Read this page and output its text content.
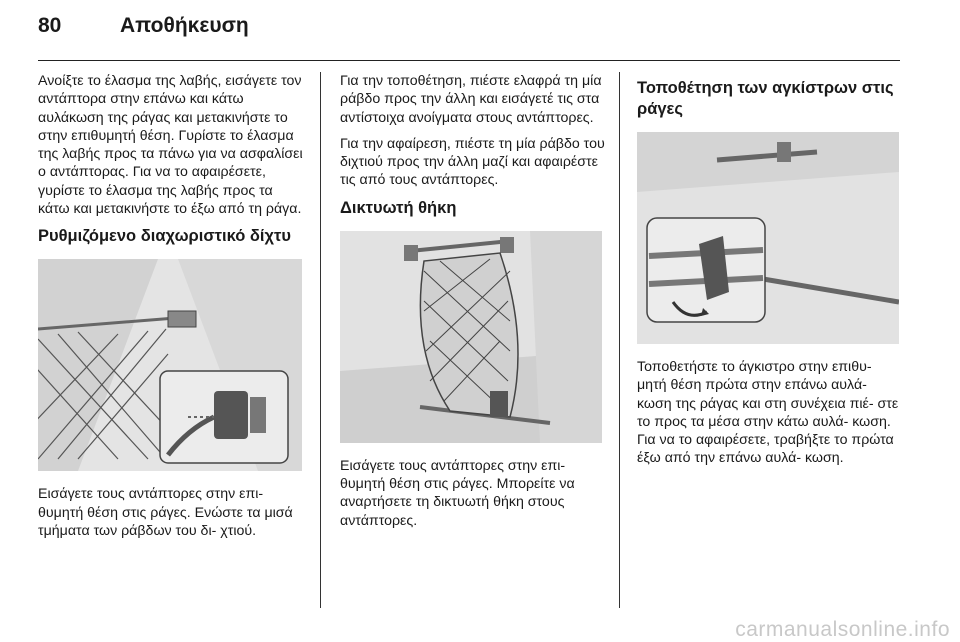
80	Αποθήκευση

Ανοίξτε το έλασμα της λαβής, εισάγετε τον αντάπτορα στην επάνω και κάτω αυλάκωση της ράγας και μετακινήστε το στην επιθυμητή θέση. Γυρίστε το έλασμα της λαβής προς τα πάνω για να ασφαλίσει ο αντάπτορας. Για να το αφαιρέσετε, γυρίστε το έλασμα της λαβής προς τα κάτω και μετακινήστε το έξω από τη ράγα.

Ρυθμιζόμενο διαχωριστικό δίχτυ

Εισάγετε τους αντάπτορες στην επι- θυμητή θέση στις ράγες. Ενώστε τα μισά τμήματα των ράβδων του δι- χτιού.

Για την τοποθέτηση, πιέστε ελαφρά τη μία ράβδο προς την άλλη και εισάγετέ τις στα αντίστοιχα ανοίγματα στους αντάπτορες.

Για την αφαίρεση, πιέστε τη μία ράβδο του διχτιού προς την άλλη μαζί και αφαιρέστε τις από τους αντάπτορες.

Δικτυωτή θήκη

Εισάγετε τους αντάπτορες στην επι- θυμητή θέση στις ράγες. Μπορείτε να αναρτήσετε τη δικτυωτή θήκη στους αντάπτορες.

Τοποθέτηση των αγκίστρων στις ράγες

Τοποθετήστε το άγκιστρο στην επιθυ- μητή θέση πρώτα στην επάνω αυλά- κωση της ράγας και στη συνέχεια πιέ- στε το προς τα μέσα στην κάτω αυλά- κωση. Για να το αφαιρέσετε, τραβήξτε το πρώτα έξω από την επάνω αυλά- κωση.

carmanualsonline.info
